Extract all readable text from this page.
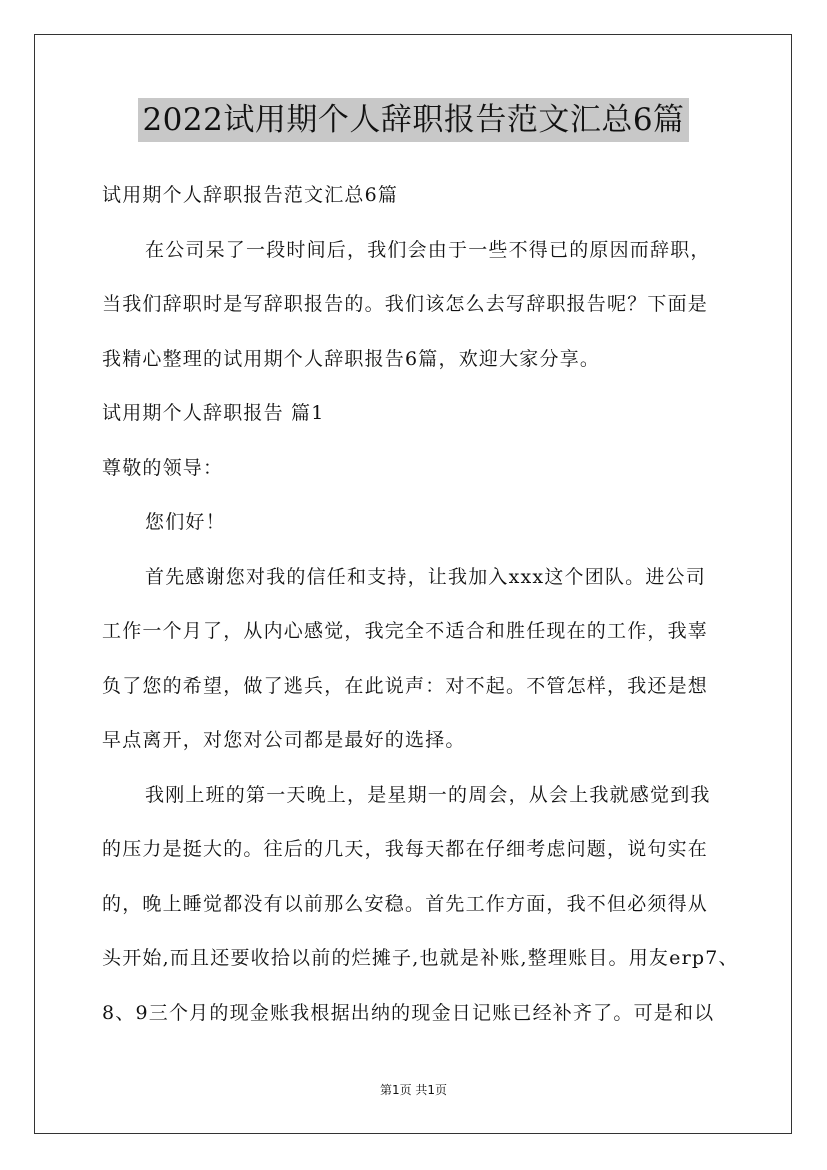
2022试用期个人辞职报告范文汇总6篇
试用期个人辞职报告范文汇总6篇
在公司呆了一段时间后，我们会由于一些不得已的原因而辞职，
当我们辞职时是写辞职报告的。我们该怎么去写辞职报告呢？下面是
我精心整理的试用期个人辞职报告6篇，欢迎大家分享。
试用期个人辞职报告 篇1
尊敬的领导：
您们好！
首先感谢您对我的信任和支持，让我加入xxx这个团队。进公司
工作一个月了，从内心感觉，我完全不适合和胜任现在的工作，我辜
负了您的希望，做了逃兵，在此说声：对不起。不管怎样，我还是想
早点离开，对您对公司都是最好的选择。
我刚上班的第一天晚上，是星期一的周会，从会上我就感觉到我
的压力是挺大的。往后的几天，我每天都在仔细考虑问题，说句实在
的，晚上睡觉都没有以前那么安稳。首先工作方面，我不但必须得从
头开始,而且还要收拾以前的烂摊子,也就是补账,整理账目。用友erp7、
8、9三个月的现金账我根据出纳的现金日记账已经补齐了。可是和以
第1页 共1页
